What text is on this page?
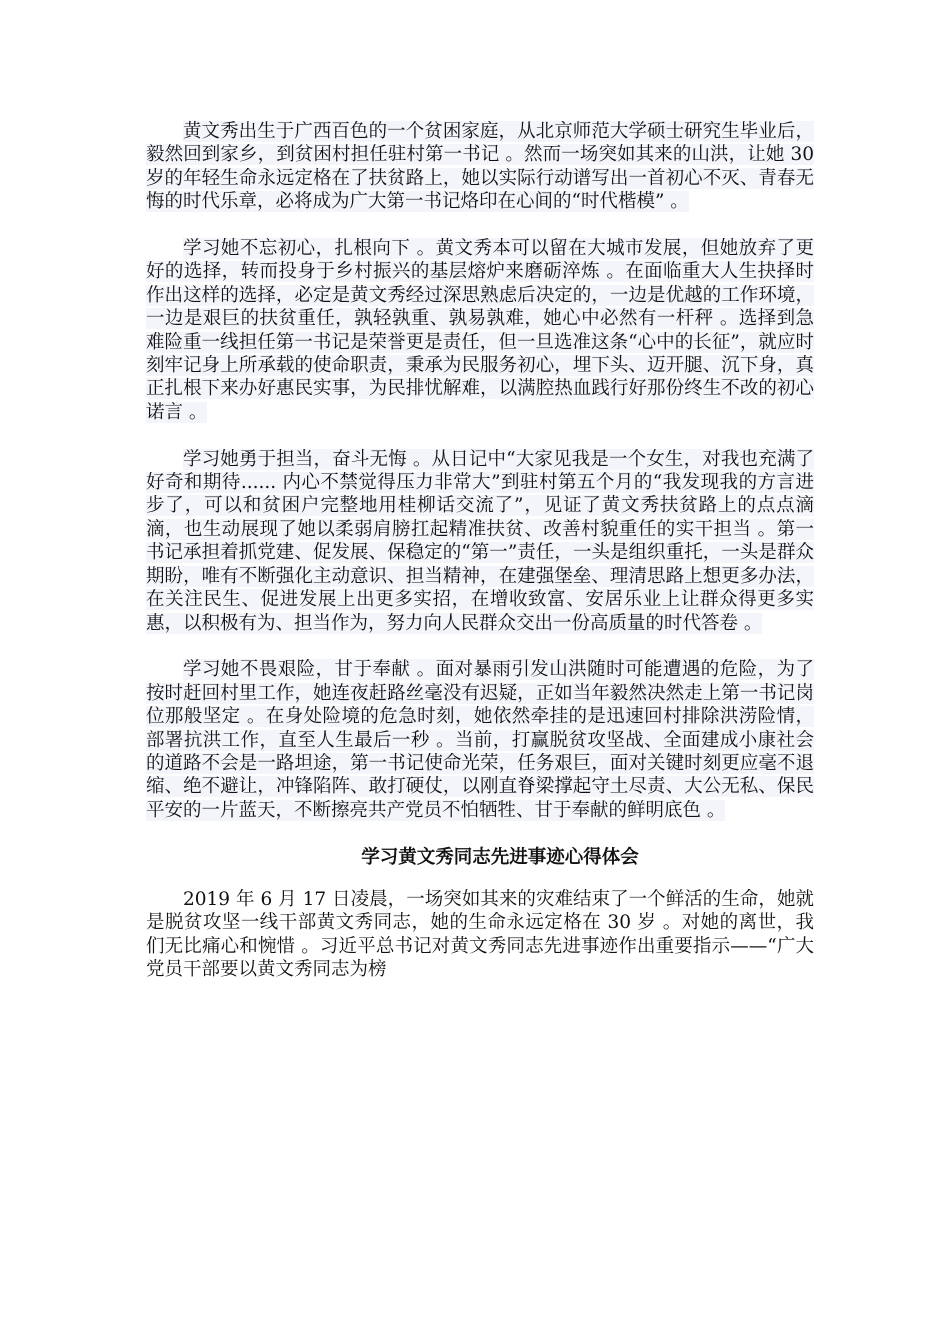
黄文秀出生于广西百色的一个贫困家庭，从北京师范大学硕士研究生毕业后，毅然回到家乡，到贫困村担任驻村第一书记 。然而一场突如其来的山洪，让她 30 岁的年轻生命永远定格在了扶贫路上，她以实际行动谱写出一首初心不灭、青春无悔的时代乐章，必将成为广大第一书记烙印在心间的“时代楷模” 。

学习她不忘初心，扎根向下 。黄文秀本可以留在大城市发展，但她放弃了更好的选择，转而投身于乡村振兴的基层熔炉来磨砺淬炼 。在面临重大人生抉择时作出这样的选择，必定是黄文秀经过深思熟虑后决定的，一边是优越的工作环境，一边是艰巨的扶贫重任，孰轻孰重、孰易孰难，她心中必然有一杆秤 。选择到急难险重一线担任第一书记是荣誉更是责任，但一旦选准这条“心中的长征”，就应时刻牢记身上所承载的使命职责，秉承为民服务初心，埋下头、迈开腿、沉下身，真正扎根下来办好惠民实事，为民排忧解难，以满腔热血践行好那份终生不改的初心诺言 。

学习她勇于担当，奋斗无悔 。从日记中“大家见我是一个女生，对我也充满了好奇和期待...... 内心不禁觉得压力非常大”到驻村第五个月的“我发现我的方言进步了，可以和贫困户完整地用桂柳话交流了”，见证了黄文秀扶贫路上的点点滴滴，也生动展现了她以柔弱肩膀扛起精准扶贫、改善村貌重任的实干担当 。第一书记承担着抓党建、促发展、保稳定的“第一”责任，一头是组织重托，一头是群众期盼，唯有不断强化主动意识、担当精神，在建强堡垒、理清思路上想更多办法，在关注民生、促进发展上出更多实招，在增收致富、安居乐业上让群众得更多实惠，以积极有为、担当作为，努力向人民群众交出一份高质量的时代答卷 。

学习她不畏艰险，甘于奉献 。面对暴雨引发山洪随时可能遭遇的危险，为了按时赶回村里工作，她连夜赶路丝毫没有迟疑，正如当年毅然决然走上第一书记岗位那般坚定 。在身处险境的危急时刻，她依然牵挂的是迅速回村排除洪涝险情，部署抗洪工作，直至人生最后一秒 。当前，打赢脱贫攻坚战、全面建成小康社会的道路不会是一路坦途，第一书记使命光荣，任务艰巨，面对关键时刻更应毫不退缩、绝不避让，冲锋陷阵、敢打硬仗，以刚直脊梁撑起守土尽责、大公无私、保民平安的一片蓝天，不断擦亮共产党员不怕牺牲、甘于奉献的鲜明底色 。

学习黄文秀同志先进事迹心得体会

2019 年 6 月 17 日凌晨，一场突如其来的灾难结束了一个鲜活的生命，她就是脱贫攻坚一线干部黄文秀同志，她的生命永远定格在 30 岁 。对她的离世，我们无比痛心和惋惜 。习近平总书记对黄文秀同志先进事迹作出重要指示——“广大党员干部要以黄文秀同志为榜
